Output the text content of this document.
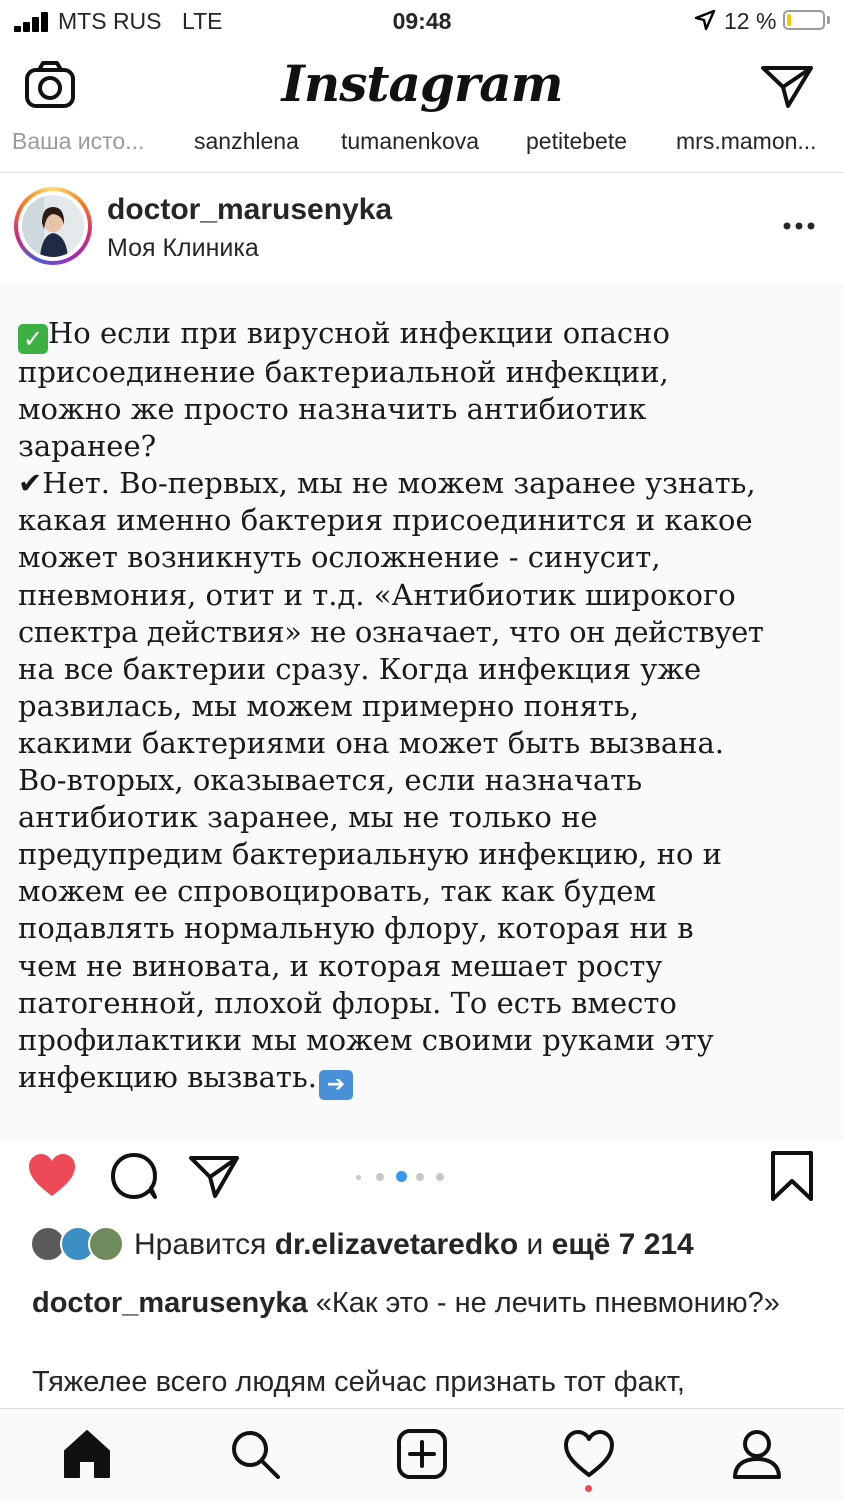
MTS RUS LTE	09:48	12 %
Instagram
Ваша исто... sanzhlena tumanenkova petitebete mrs.mamon...
doctor_marusenyka
Моя Клиника

✓ Но если при вирусной инфекции опасно

присоединение бактериальной инфекции,

можно же просто назначить антибиотик

заранее?

✔Нет. Во-первых, мы не можем заранее узнать,

какая именно бактерия присоединится и какое

может возникнуть осложнение - синусит,

пневмония, отит и т.д. «Антибиотик широкого

спектра действия» не означает, что он действует

на все бактерии сразу. Когда инфекция уже

развилась, мы можем примерно понять,

какими бактериями она может быть вызвана.

Во-вторых, оказывается, если назначать

антибиотик заранее, мы не только не

предупредим бактериальную инфекцию, но и

можем ее спровоцировать, так как будем

подавлять нормальную флору, которая ни в

чем не виновата, и которая мешает росту

патогенной, плохой флоры. То есть вместо

профилактики мы можем своими руками эту

инфекцию вызвать. ➔

Нравится dr.elizavetaredko и ещё 7 214
doctor_marusenyka «Как это - не лечить пневмонию?»
Тяжелее всего людям сейчас признать тот факт,
